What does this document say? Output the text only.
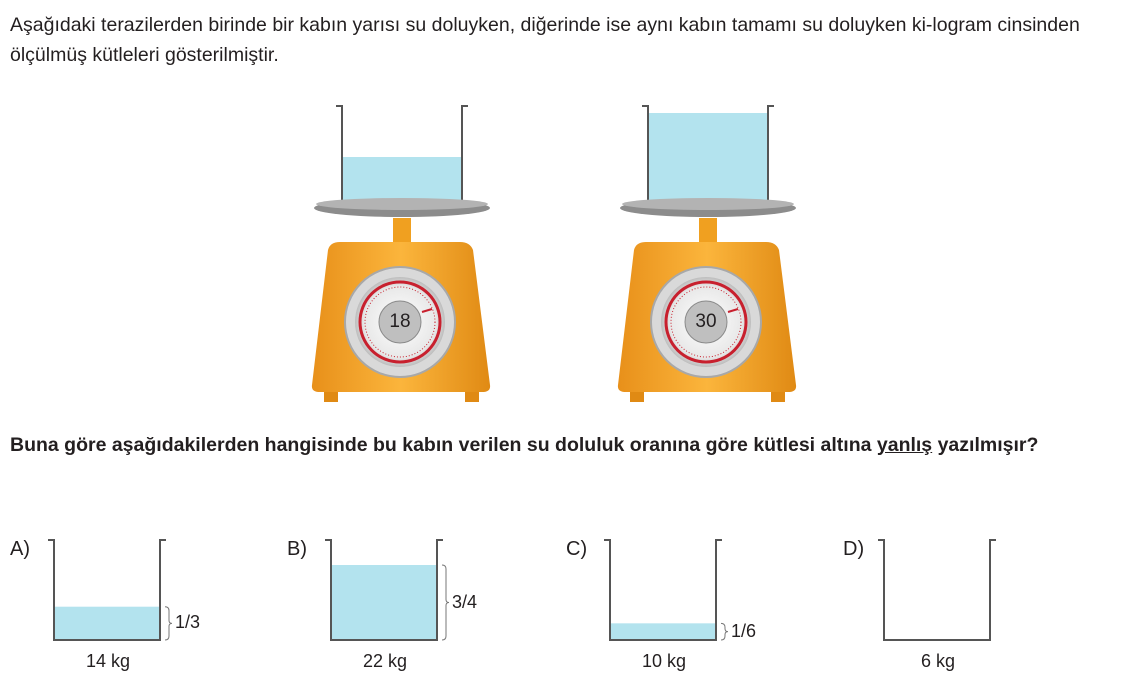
Aşağıdaki terazilerden birinde bir kabın yarısı su doluyken, diğerinde ise aynı kabın tamamı su doluyken ki-logram cinsinden ölçülmüş kütleleri gösterilmiştir.

18	30

Buna göre aşağıdakilerden hangisinde bu kabın verilen su doluluk oranına göre kütlesi altına yanlış yazılmışır?

A)
1/3
14 kg
B)
3/4
22 kg
C)
1/6
10 kg
D)
6 kg
